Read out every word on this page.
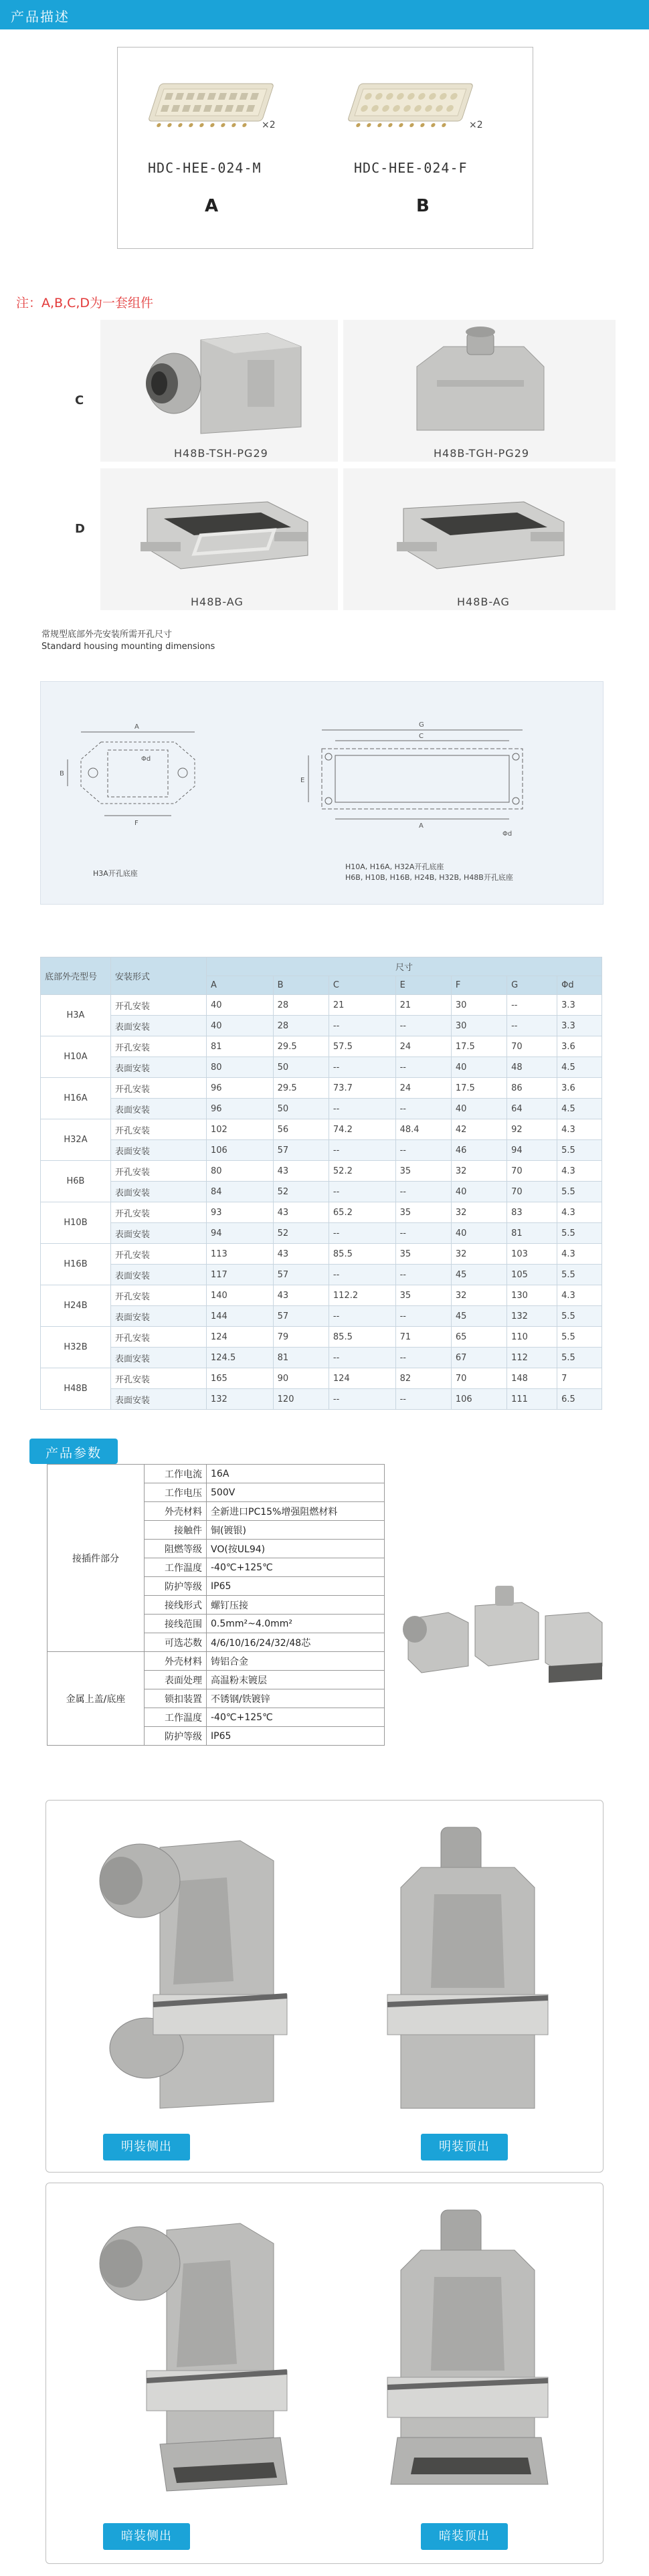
产品描述
×2
HDC-HEE-024-M
A
×2
HDC-HEE-024-F
B
注：A,B,C,D为一套组件
C
D
H48B-TSH-PG29	H48B-TGH-PG29
H48B-AG	H48B-AG
常规型底部外壳安装所需开孔尺寸
Standard housing mounting dimensions
A
F
B
Φd
H3A开孔底座
G
C
E
A
Φd
H10A, H16A, H32A开孔底座
H6B, H10B, H16B, H24B, H32B, H48B开孔底座
底部外壳型号	安装形式	尺寸						
		A	B	C	E	F	G	Φd
H3A	开孔安装	40	28	21	21	30	--	3.3
	表面安装	40	28	--	--	30	--	3.3
H10A	开孔安装	81	29.5	57.5	24	17.5	70	3.6
	表面安装	80	50	--	--	40	48	4.5
H16A	开孔安装	96	29.5	73.7	24	17.5	86	3.6
	表面安装	96	50	--	--	40	64	4.5
H32A	开孔安装	102	56	74.2	48.4	42	92	4.3
	表面安装	106	57	--	--	46	94	5.5
H6B	开孔安装	80	43	52.2	35	32	70	4.3
	表面安装	84	52	--	--	40	70	5.5
H10B	开孔安装	93	43	65.2	35	32	83	4.3
	表面安装	94	52	--	--	40	81	5.5
H16B	开孔安装	113	43	85.5	35	32	103	4.3
	表面安装	117	57	--	--	45	105	5.5
H24B	开孔安装	140	43	112.2	35	32	130	4.3
	表面安装	144	57	--	--	45	132	5.5
H32B	开孔安装	124	79	85.5	71	65	110	5.5
	表面安装	124.5	81	--	--	67	112	5.5
H48B	开孔安装	165	90	124	82	70	148	7
	表面安装	132	120	--	--	106	111	6.5
产品参数
接插件部分	工作电流	16A
	工作电压	500V
	外壳材料	全新进口PC15%增强阻燃材料
	接触件	铜(镀银)
	阻燃等级	VO(按UL94)
	工作温度	-40℃+125℃
	防护等级	IP65
	接线形式	螺钉压接
	接线范围	0.5mm²~4.0mm²
	可选芯数	4/6/10/16/24/32/48芯
金属上盖/底座	外壳材料	铸铝合金
	表面处理	高温粉末镀层
	锁扣装置	不锈钢/铁镀锌
	工作温度	-40℃+125℃
	防护等级	IP65
明装侧出	明装顶出
暗装侧出	暗装顶出
